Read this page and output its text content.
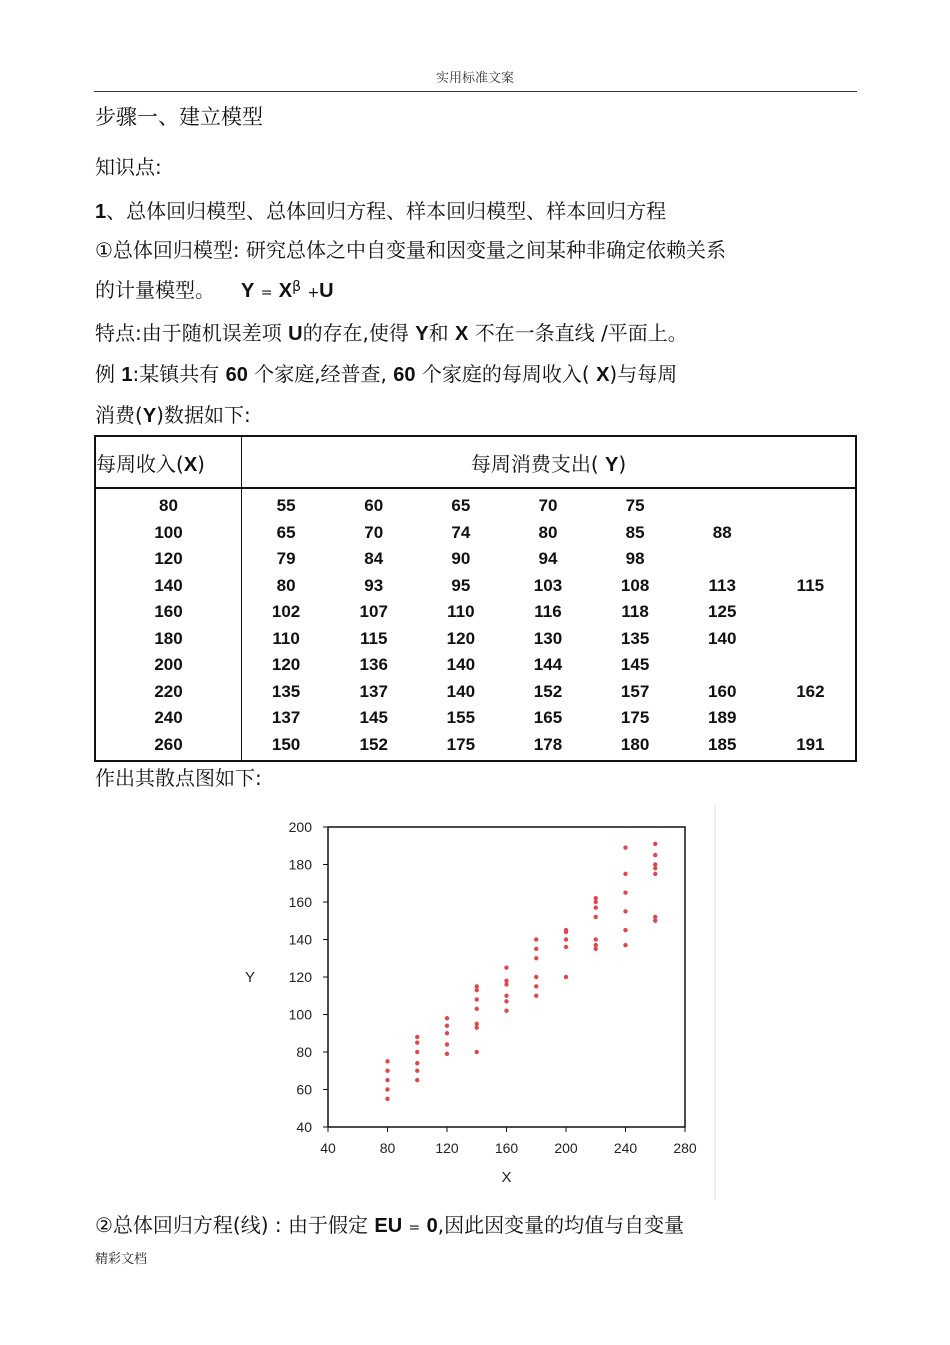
实用标准文案
步骤一、建立模型
知识点:
1、总体回归模型、总体回归方程、样本回归模型、样本回归方程
①总体回归模型: 研究总体之中自变量和因变量之间某种非确定依赖关系
的计量模型。 $Y = X^\beta +U$
特点:由于随机误差项 U的存在,使得 Y和 X 不在一条直线 /平面上。
例 1:某镇共有 60 个家庭,经普查, 60 个家庭的每周收入( X)与每周
消费(Y)数据如下:
每周收入(X)	每周消费支出( Y)						
80	55	60	65	70	75		
100	65	70	74	80	85	88	
120	79	84	90	94	98		
140	80	93	95	103	108	113	115
160	102	107	110	116	118	125	
180	110	115	120	130	135	140	
200	120	136	140	144	145		
220	135	137	140	152	157	160	162
240	137	145	155	165	175	189	
260	150	152	175	178	180	185	191
作出其散点图如下:
40
60
80
100
120
140
160
180
200
40	80	120	160	200	240	280
X
Y
②总体回归方程(线) : 由于假定 EU = 0,因此因变量的均值与自变量
精彩文档
